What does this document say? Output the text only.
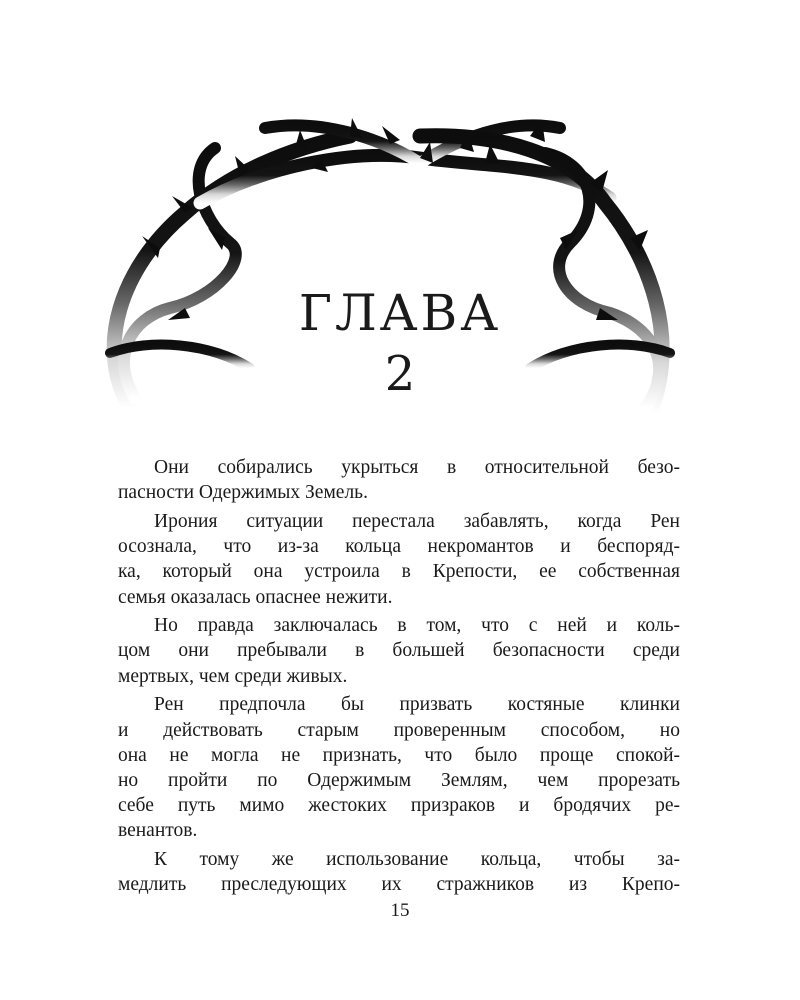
ГЛАВА
2

Они собирались укрыться в относительной безо-
пасности Одержимых Земель.

Ирония ситуации перестала забавлять, когда Рен
осознала, что из-за кольца некромантов и беспоряд-
ка, который она устроила в Крепости, ее собственная
семья оказалась опаснее нежити.

Но правда заключалась в том, что с ней и коль-
цом они пребывали в большей безопасности среди
мертвых, чем среди живых.

Рен предпочла бы призвать костяные клинки
и действовать старым проверенным способом, но
она не могла не признать, что было проще спокой-
но пройти по Одержимым Землям, чем прорезать
себе путь мимо жестоких призраков и бродячих ре-
венантов.

К тому же использование кольца, чтобы за-
медлить преследующих их стражников из Крепо-

15
